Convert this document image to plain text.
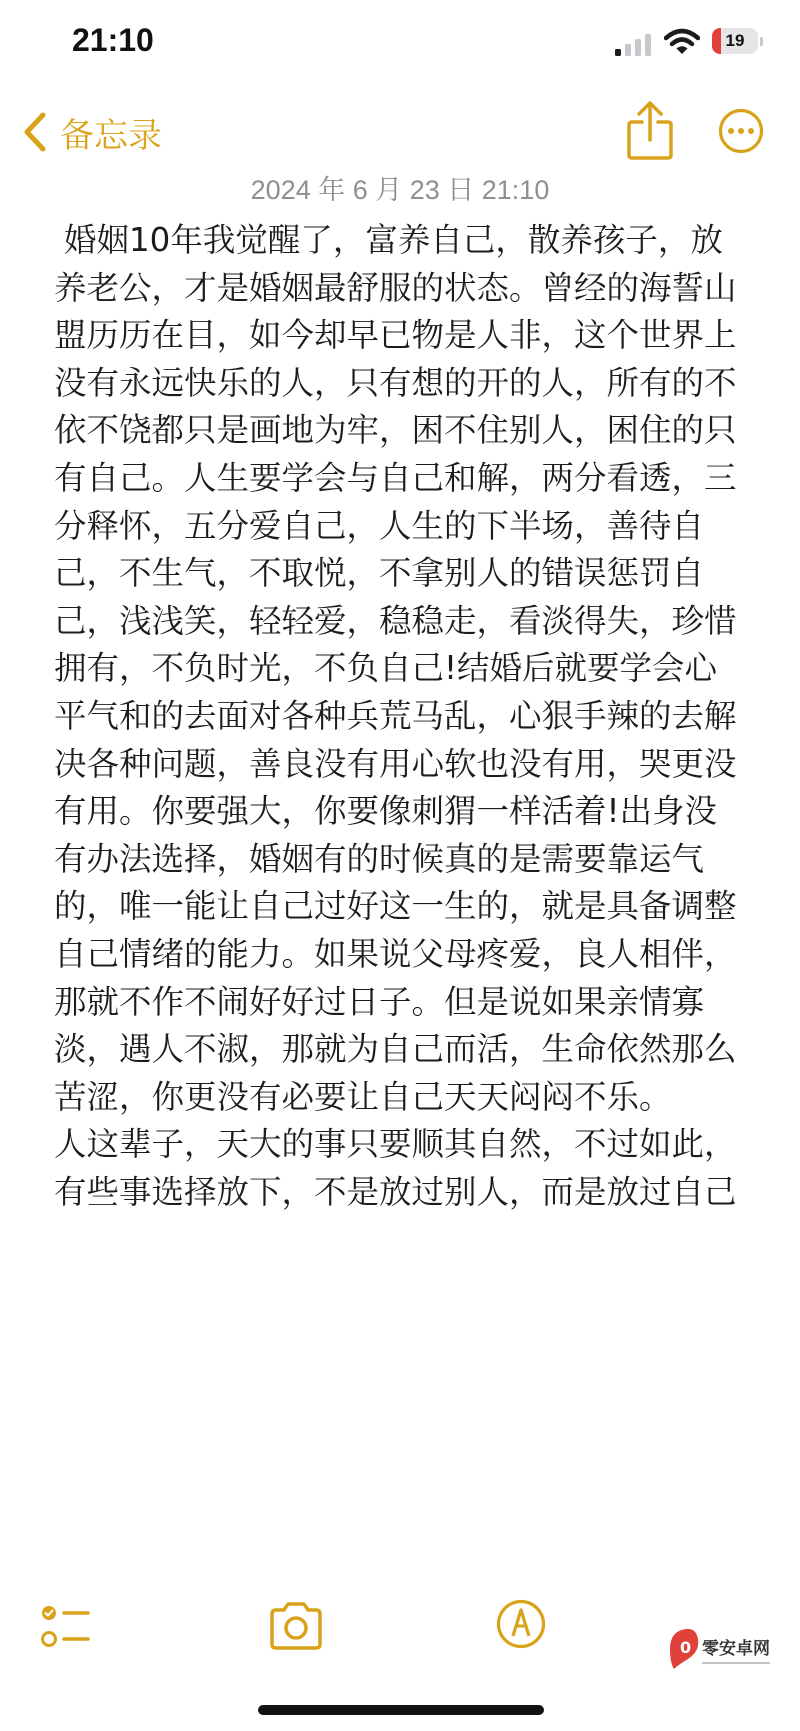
21:10	19
备忘录
2024 年 6 月 23 日 21:10

婚姻10年我觉醒了，富养自己，散养孩子，放养老公，才是婚姻最舒服的状态。曾经的海誓山盟历历在目，如今却早已物是人非，这个世界上没有永远快乐的人，只有想的开的人，所有的不依不饶都只是画地为牢，困不住别人，困住的只有自己。人生要学会与自己和解，两分看透，三分释怀，五分爱自己，人生的下半场，善待自己，不生气，不取悦，不拿别人的错误惩罚自己，浅浅笑，轻轻爱，稳稳走，看淡得失，珍惜拥有，不负时光，不负自己!结婚后就要学会心平气和的去面对各种兵荒马乱，心狠手辣的去解决各种问题，善良没有用心软也没有用，哭更没有用。你要强大，你要像刺猬一样活着!出身没有办法选择，婚姻有的时候真的是需要靠运气的，唯一能让自己过好这一生的，就是具备调整自己情绪的能力。如果说父母疼爱，良人相伴，那就不作不闹好好过日子。但是说如果亲情寡淡，遇人不淑，那就为自己而活，生命依然那么苦涩，你更没有必要让自己天天闷闷不乐。

人这辈子，天大的事只要顺其自然，不过如此，有些事选择放下，不是放过别人，而是放过自己

0 零安卓网
